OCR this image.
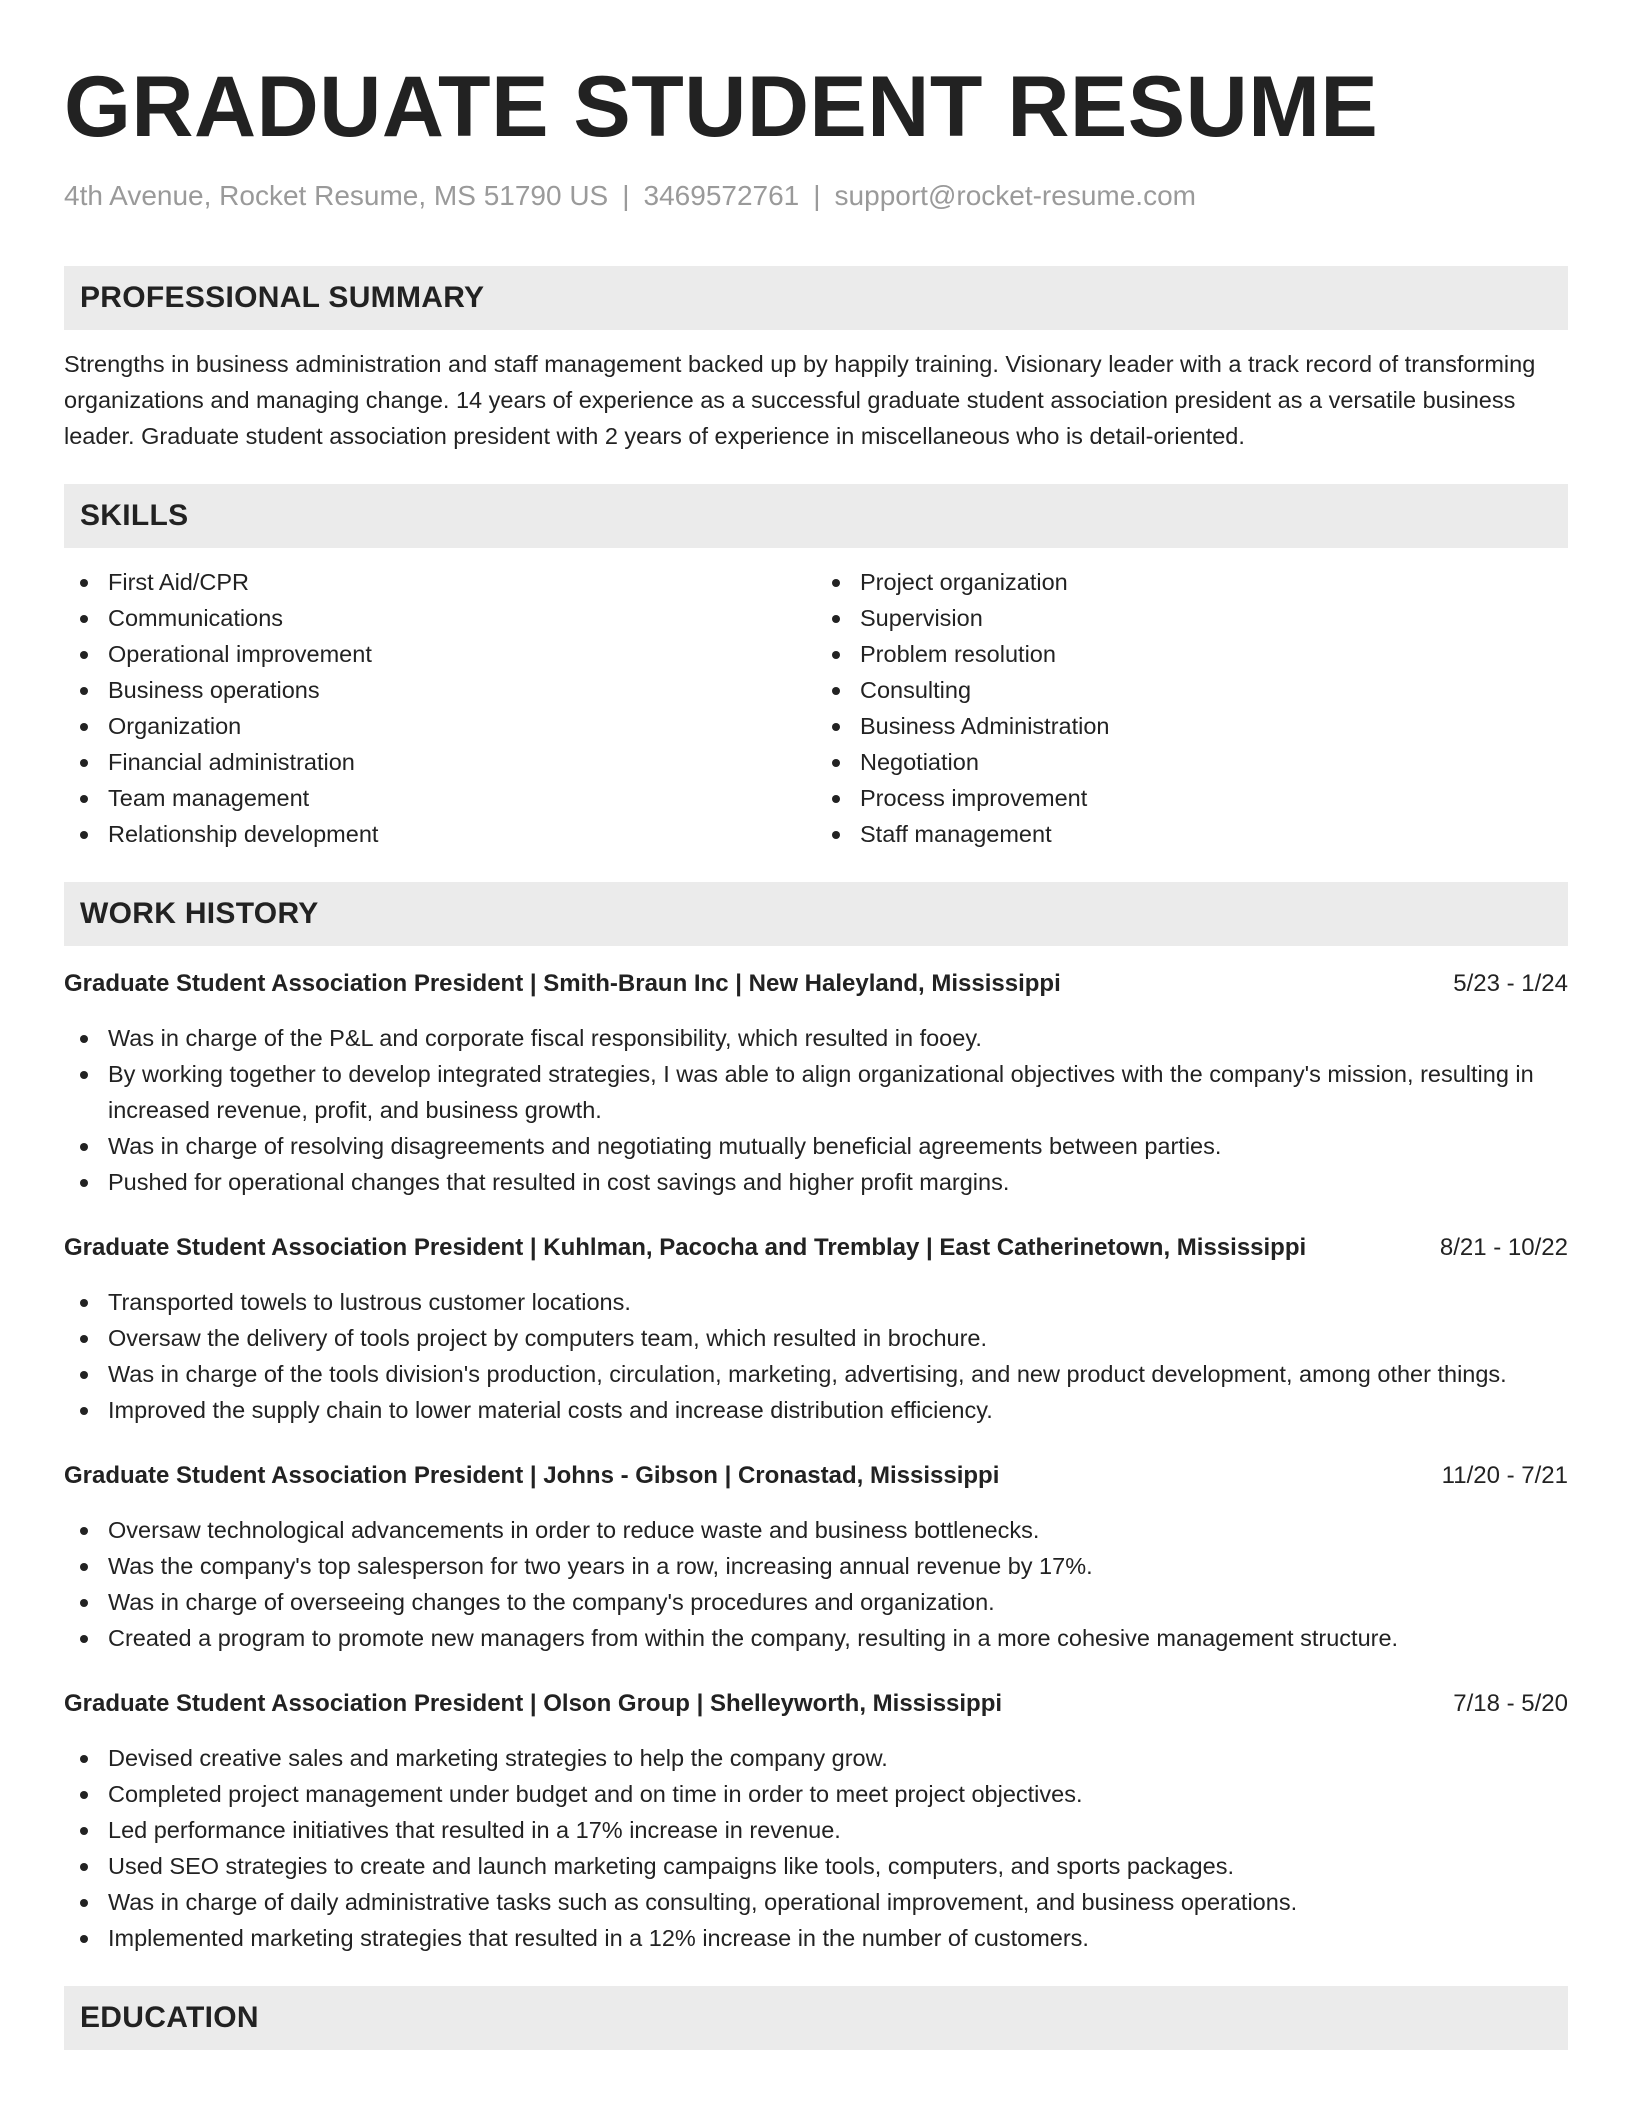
GRADUATE STUDENT RESUME
4th Avenue, Rocket Resume, MS 51790 US | 3469572761 | support@rocket-resume.com
PROFESSIONAL SUMMARY

Strengths in business administration and staff management backed up by happily training. Visionary leader with a track record of transforming organizations and managing change. 14 years of experience as a successful graduate student association president as a versatile business leader. Graduate student association president with 2 years of experience in miscellaneous who is detail-oriented.

SKILLS
First Aid/CPR
Communications
Operational improvement
Business operations
Organization
Financial administration
Team management
Relationship development
Project organization
Supervision
Problem resolution
Consulting
Business Administration
Negotiation
Process improvement
Staff management
WORK HISTORY
Graduate Student Association President | Smith-Braun Inc | New Haleyland, Mississippi	5/23 - 1/24
Was in charge of the P&L and corporate fiscal responsibility, which resulted in fooey.
By working together to develop integrated strategies, I was able to align organizational objectives with the company's mission, resulting in increased revenue, profit, and business growth.
Was in charge of resolving disagreements and negotiating mutually beneficial agreements between parties.
Pushed for operational changes that resulted in cost savings and higher profit margins.
Graduate Student Association President | Kuhlman, Pacocha and Tremblay | East Catherinetown, Mississippi	8/21 - 10/22
Transported towels to lustrous customer locations.
Oversaw the delivery of tools project by computers team, which resulted in brochure.
Was in charge of the tools division's production, circulation, marketing, advertising, and new product development, among other things.
Improved the supply chain to lower material costs and increase distribution efficiency.
Graduate Student Association President | Johns - Gibson | Cronastad, Mississippi	11/20 - 7/21
Oversaw technological advancements in order to reduce waste and business bottlenecks.
Was the company's top salesperson for two years in a row, increasing annual revenue by 17%.
Was in charge of overseeing changes to the company's procedures and organization.
Created a program to promote new managers from within the company, resulting in a more cohesive management structure.
Graduate Student Association President | Olson Group | Shelleyworth, Mississippi	7/18 - 5/20
Devised creative sales and marketing strategies to help the company grow.
Completed project management under budget and on time in order to meet project objectives.
Led performance initiatives that resulted in a 17% increase in revenue.
Used SEO strategies to create and launch marketing campaigns like tools, computers, and sports packages.
Was in charge of daily administrative tasks such as consulting, operational improvement, and business operations.
Implemented marketing strategies that resulted in a 12% increase in the number of customers.
EDUCATION
